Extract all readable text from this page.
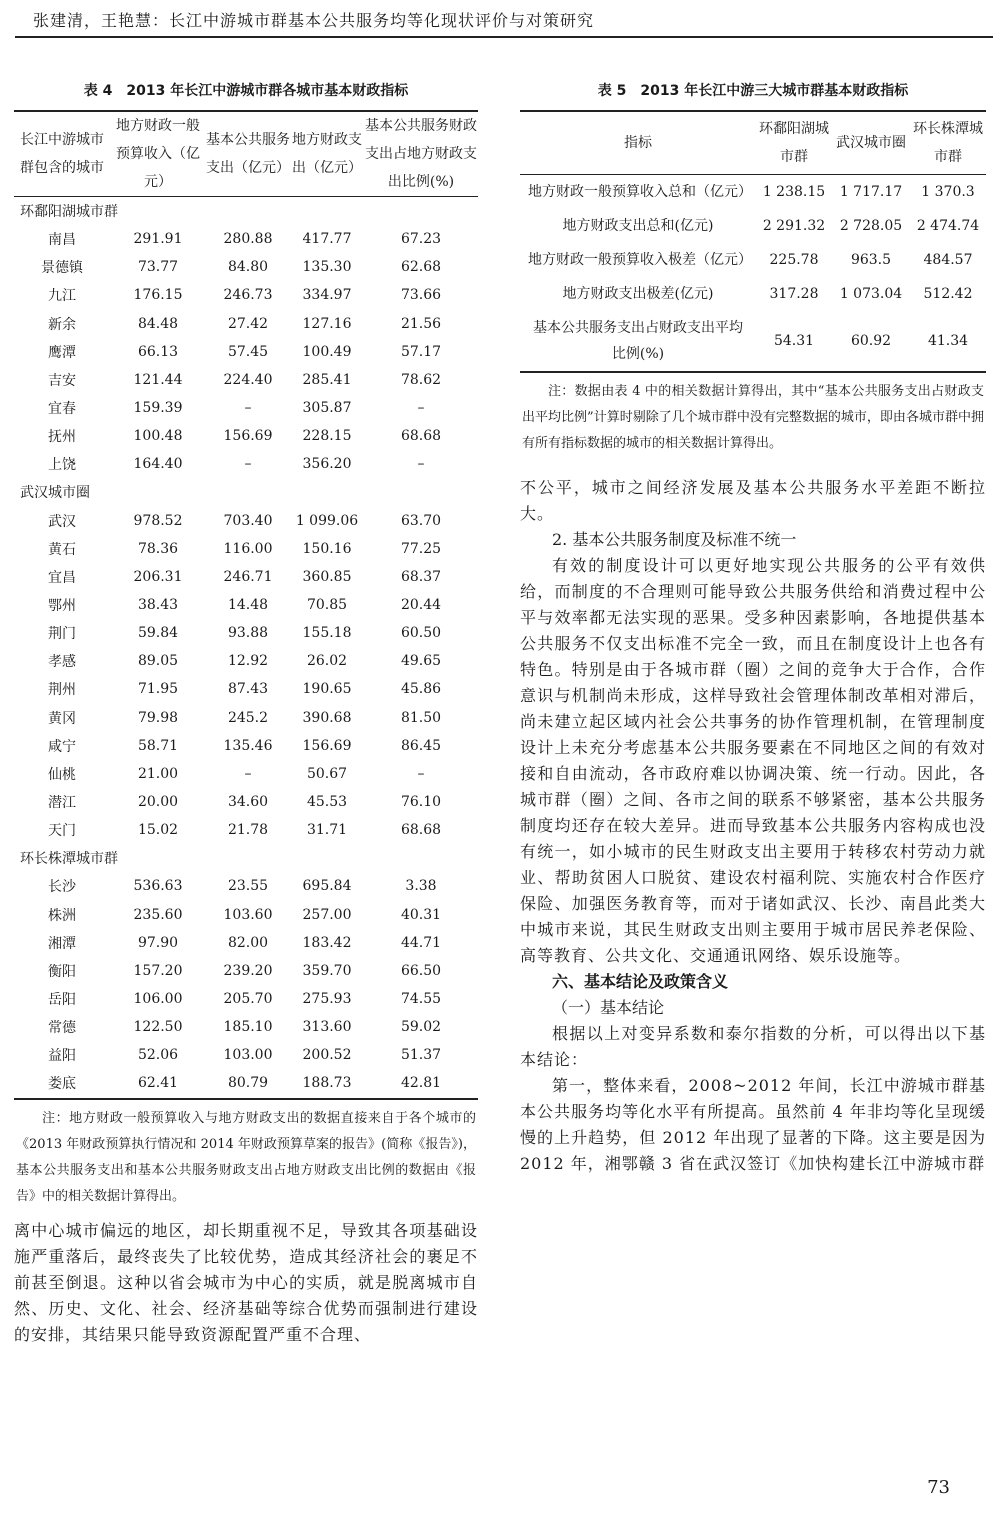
张建清，王艳慧：长江中游城市群基本公共服务均等化现状评价与对策研究

表 4　2013 年长江中游城市群各城市基本财政指标

长江中游城市群包含的城市	地方财政一般预算收入（亿元）	基本公共服务支出（亿元）	地方财政支出（亿元）	基本公共服务财政支出占地方财政支出比例(%)
环鄱阳湖城市群				
南昌	291.91	280.88	417.77	67.23
景德镇	73.77	84.80	135.30	62.68
九江	176.15	246.73	334.97	73.66
新余	84.48	27.42	127.16	21.56
鹰潭	66.13	57.45	100.49	57.17
吉安	121.44	224.40	285.41	78.62
宜春	159.39	–	305.87	–
抚州	100.48	156.69	228.15	68.68
上饶	164.40	–	356.20	–
武汉城市圈				
武汉	978.52	703.40	1 099.06	63.70
黄石	78.36	116.00	150.16	77.25
宜昌	206.31	246.71	360.85	68.37
鄂州	38.43	14.48	70.85	20.44
荆门	59.84	93.88	155.18	60.50
孝感	89.05	12.92	26.02	49.65
荆州	71.95	87.43	190.65	45.86
黄冈	79.98	245.2	390.68	81.50
咸宁	58.71	135.46	156.69	86.45
仙桃	21.00	–	50.67	–
潜江	20.00	34.60	45.53	76.10
天门	15.02	21.78	31.71	68.68
环长株潭城市群				
长沙	536.63	23.55	695.84	3.38
株洲	235.60	103.60	257.00	40.31
湘潭	97.90	82.00	183.42	44.71
衡阳	157.20	239.20	359.70	66.50
岳阳	106.00	205.70	275.93	74.55
常德	122.50	185.10	313.60	59.02
益阳	52.06	103.00	200.52	51.37
娄底	62.41	80.79	188.73	42.81

注：地方财政一般预算收入与地方财政支出的数据直接来自于各个城市的《2013 年财政预算执行情况和 2014 年财政预算草案的报告》(简称《报告》)，基本公共服务支出和基本公共服务财政支出占地方财政支出比例的数据由《报告》中的相关数据计算得出。

离中心城市偏远的地区，却长期重视不足，导致其各项基础设施严重落后，最终丧失了比较优势，造成其经济社会的裹足不前甚至倒退。这种以省会城市为中心的实质，就是脱离城市自然、历史、文化、社会、经济基础等综合优势而强制进行建设的安排，其结果只能导致资源配置严重不合理、

表 5　2013 年长江中游三大城市群基本财政指标

指标	环鄱阳湖城市群	武汉城市圈	环长株潭城市群
地方财政一般预算收入总和（亿元）	1 238.15	1 717.17	1 370.3
地方财政支出总和(亿元)	2 291.32	2 728.05	2 474.74
地方财政一般预算收入极差（亿元）	225.78	963.5	484.57
地方财政支出极差(亿元)	317.28	1 073.04	512.42
基本公共服务支出占财政支出平均比例(%)	54.31	60.92	41.34

注：数据由表 4 中的相关数据计算得出，其中“基本公共服务支出占财政支出平均比例”计算时剔除了几个城市群中没有完整数据的城市，即由各城市群中拥有所有指标数据的城市的相关数据计算得出。

不公平，城市之间经济发展及基本公共服务水平差距不断拉大。

2. 基本公共服务制度及标准不统一

有效的制度设计可以更好地实现公共服务的公平有效供给，而制度的不合理则可能导致公共服务供给和消费过程中公平与效率都无法实现的恶果。受多种因素影响，各地提供基本公共服务不仅支出标准不完全一致，而且在制度设计上也各有特色。特别是由于各城市群（圈）之间的竞争大于合作，合作意识与机制尚未形成，这样导致社会管理体制改革相对滞后，尚未建立起区域内社会公共事务的协作管理机制，在管理制度设计上未充分考虑基本公共服务要素在不同地区之间的有效对接和自由流动，各市政府难以协调决策、统一行动。因此，各城市群（圈）之间、各市之间的联系不够紧密，基本公共服务制度均还存在较大差异。进而导致基本公共服务内容构成也没有统一，如小城市的民生财政支出主要用于转移农村劳动力就业、帮助贫困人口脱贫、建设农村福利院、实施农村合作医疗保险、加强医务教育等，而对于诸如武汉、长沙、南昌此类大中城市来说，其民生财政支出则主要用于城市居民养老保险、高等教育、公共文化、交通通讯网络、娱乐设施等。

六、基本结论及政策含义

（一）基本结论

根据以上对变异系数和泰尔指数的分析，可以得出以下基本结论：

第一，整体来看，2008~2012 年间，长江中游城市群基本公共服务均等化水平有所提高。虽然前 4 年非均等化呈现缓慢的上升趋势，但 2012 年出现了显著的下降。这主要是因为 2012 年，湘鄂赣 3 省在武汉签订《加快构建长江中游城市群

73
